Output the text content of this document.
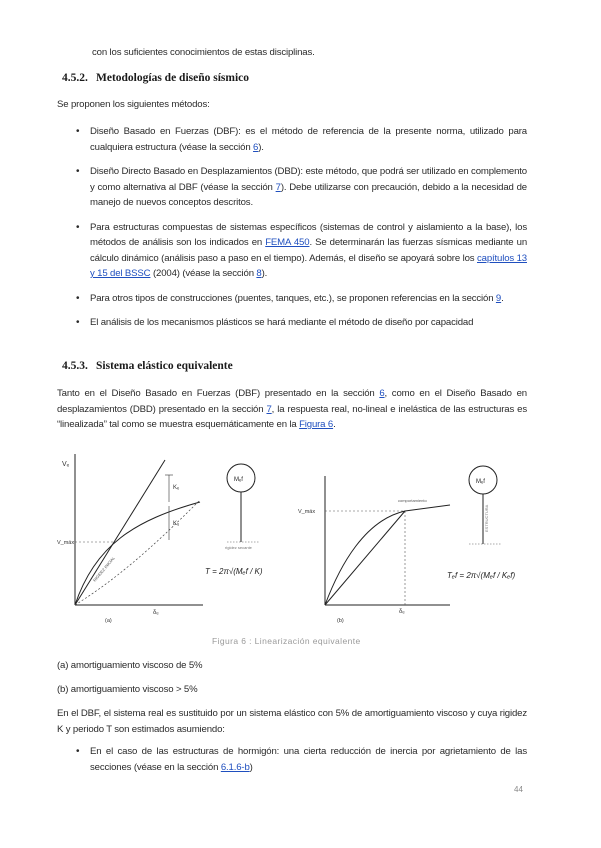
con los suficientes conocimientos de estas disciplinas.
4.5.2. Metodologías de diseño sísmico
Se proponen los siguientes métodos:
• Diseño Basado en Fuerzas (DBF): es el método de referencia de la presente norma, utilizado para cualquiera estructura (véase la sección 6).
• Diseño Directo Basado en Desplazamientos (DBD): este método, que podrá ser utilizado en complemento y como alternativa al DBF (véase la sección 7). Debe utilizarse con precaución, debido a la necesidad de manejo de nuevos conceptos descritos.
• Para estructuras compuestas de sistemas específicos (sistemas de control y aislamiento a la base), los métodos de análisis son los indicados en FEMA 450. Se determinarán las fuerzas sísmicas mediante un cálculo dinámico (análisis paso a paso en el tiempo). Además, el diseño se apoyará sobre los capítulos 13 y 15 del BSSC (2004) (véase la sección 8).
• Para otros tipos de construcciones (puentes, tanques, etc.), se proponen referencias en la sección 9.
• El análisis de los mecanismos plásticos se hará mediante el método de diseño por capacidad
4.5.3. Sistema elástico equivalente
Tanto en el Diseño Basado en Fuerzas (DBF) presentado en la sección 6, como en el Diseño Basado en desplazamientos (DBD) presentado en la sección 7, la respuesta real, no-lineal e inelástica de las estructuras es “linealizada” tal como se muestra esquemáticamente en la Figura 6.
Vₑ
V_máx
δₑ
(a)
Kₑ
Kᵤ
RIGIDEZ INICIAL
Mₑf
rigidez secante
T = 2π√(Mₑf / K)
V_máx
δₑ
(b)
comportamiento
Mₑf
ESTRUCTURA
Tₑf = 2π√(Mₑf / Kₑf)
Figura 6 : Linearización equivalente
(a) amortiguamiento viscoso de 5%
(b) amortiguamiento viscoso > 5%
En el DBF, el sistema real es sustituido por un sistema elástico con 5% de amortiguamiento viscoso y cuya rigidez K y periodo T son estimados asumiendo:
• En el caso de las estructuras de hormigón: una cierta reducción de inercia por agrietamiento de las secciones (véase en la sección 6.1.6-b)
44
